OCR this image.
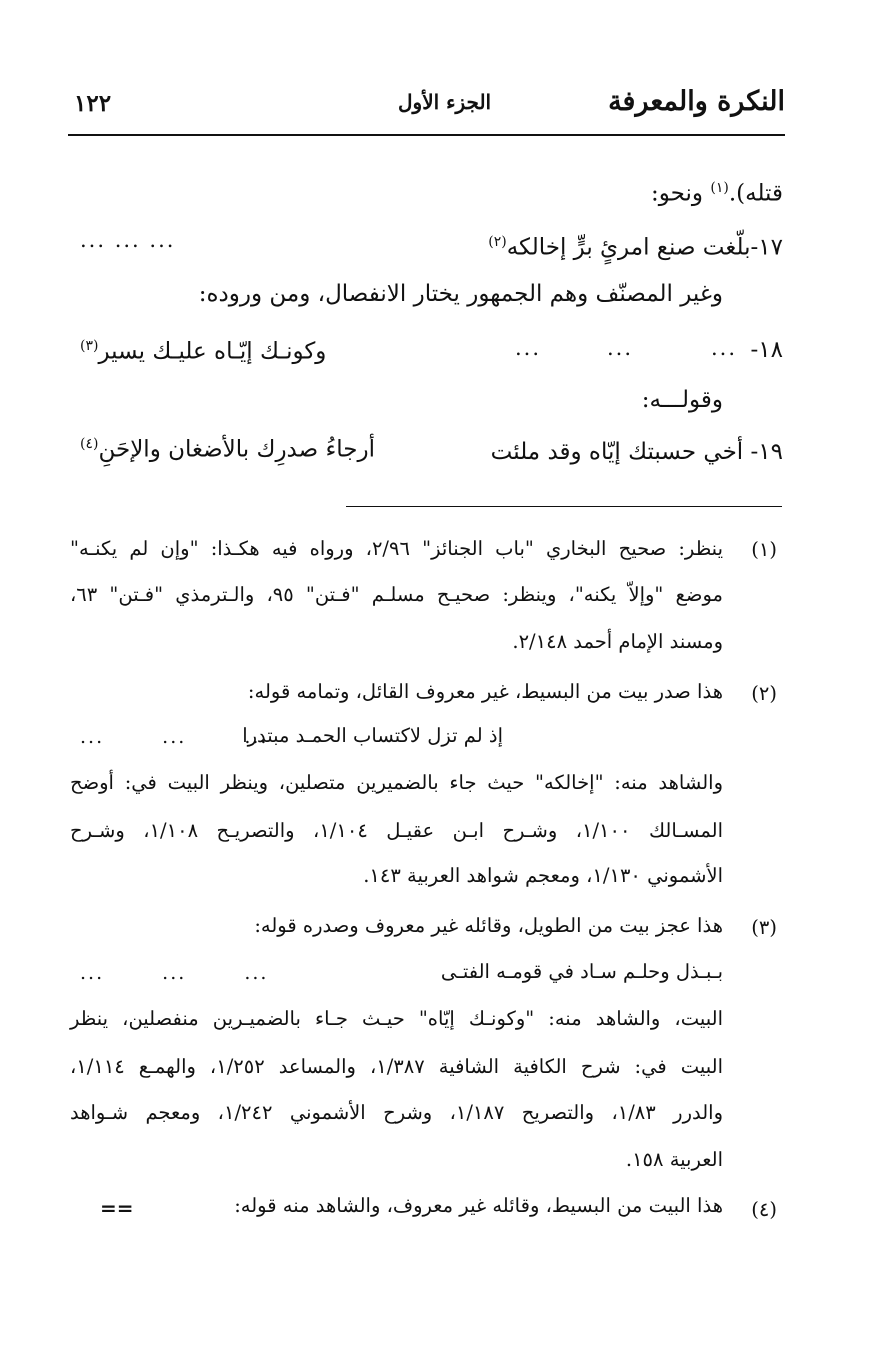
النكرة والمعرفة
الجزء الأول
١٢٢
قتله).$^{(١)}$ ونحو:
١٧-بلّغت صنع امرئٍ برٍّ إخالكه$^{(٢)}$
... ... ...
وغير المصنّف وهم الجمهور يختار الانفصال، ومن وروده:
١٨-
...
...
...
وكونـك إيّـاه عليـك يسير$^{(٣)}$
وقولـــه:
١٩- أخي حسبتك إيّاه وقد ملئت
أرجاءُ صدرِك بالأضغان والإحَنِ$^{(٤)}$
(١)
ينظر: صحيح البخاري "باب الجنائز" ٢/٩٦، ورواه فيه هكـذا: "وإن لم يكنـه"
موضع "وإلاّ يكنه"، وينظر: صحيـح مسلـم "فـتن" ٩٥، والـترمذي "فـتن" ٦٣،
ومسند الإمام أحمد ٢/١٤٨.
(٢)
هذا صدر بيت من البسيط، غير معروف القائل، وتمامه قوله:
إذ لم تزل لاكتساب الحمـد مبتدرا
... ... ...
والشاهد منه: "إخالكه" حيث جاء بالضميرين متصلين، وينظر البيت في: أوضح
المسـالك ١/١٠٠، وشـرح ابـن عقيـل ١/١٠٤، والتصريـح ١/١٠٨، وشـرح
الأشموني ١/١٣٠، ومعجم شواهد العربية ١٤٣.
(٣)
هذا عجز بيت من الطويل، وقائله غير معروف وصدره قوله:
بـبـذل وحلـم سـاد في قومـه الفتـى
... ... ...
البيت، والشاهد منه: "وكونـك إيّاه" حيـث جـاء بالضميـرين منفصلين، ينظر
البيت في: شرح الكافية الشافية ١/٣٨٧، والمساعد ١/٢٥٢، والهمـع ١/١١٤،
والدرر ١/٨٣، والتصريح ١/١٨٧، وشرح الأشموني ١/٢٤٢، ومعجم شـواهد
العربية ١٥٨.
(٤)
هذا البيت من البسيط، وقائله غير معروف، والشاهد منه قوله:
==
